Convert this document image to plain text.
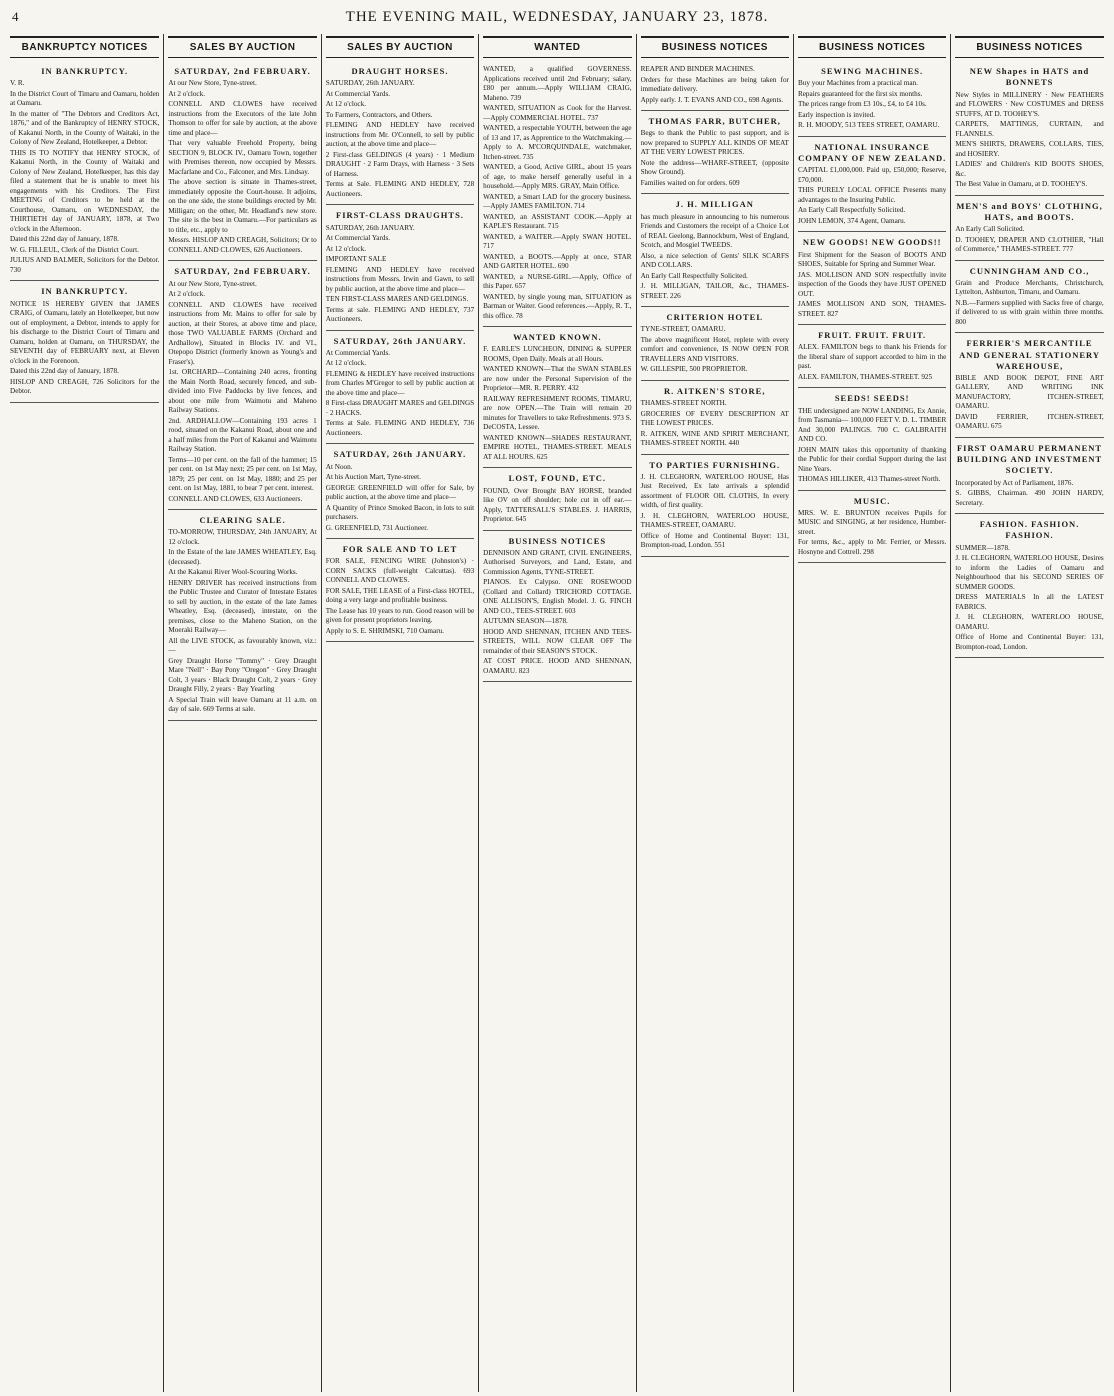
THE EVENING MAIL, WEDNESDAY, JANUARY 23, 1878.
4
BANKRUPTCY NOTICES
IN BANKRUPTCY.
V. R.
In the District Court of Timaru and Oamaru, holden at Oamaru.
In the matter of "The Debtors and Creditors Act, 1876," and of the Bankruptcy of HENRY STOCK, of Kakanui North, in the County of Waitaki, in the Colony of New Zealand, Hotelkeeper, a Debtor.
THIS IS TO NOTIFY that HENRY STOCK, of Kakanui North, in the County of Waitaki and Colony of New Zealand, Hotelkeeper, has this day filed a statement that he is unable to meet his engagements with his Creditors. The First MEETING of Creditors to be held at the Courthouse, Oamaru, on WEDNESDAY, the THIRTIETH day of JANUARY, 1878, at Two o'clock in the Afternoon.
Dated this 22nd day of January, 1878.
W. G. FILLEUL, Clerk of the District Court.
JULIUS AND BALMER, Solicitors for the Debtor. 730
IN BANKRUPTCY.
NOTICE IS HEREBY GIVEN that JAMES CRAIG, of Oamaru, lately an Hotelkeeper, but now out of employment, a Debtor, intends to apply for his discharge to the District Court of Timaru and Oamaru, holden at Oamaru, on THURSDAY, the SEVENTH day of FEBRUARY next, at Eleven o'clock in the Forenoon.
Dated this 22nd day of January, 1878.
HISLOP AND CREAGH, 726 Solicitors for the Debtor.
SALES BY AUCTION
SATURDAY, 2nd FEBRUARY.
At our New Store, Tyne-street.
At 2 o'clock.
CONNELL AND CLOWES have received instructions from the Executors of the late John Thomson to offer for sale by auction, at the above time and place—
That very valuable Freehold Property, being SECTION 9, BLOCK IV., Oamaru Town, together with Premises thereon, now occupied by Messrs. Macfarlane and Co., Falconer, and Mrs. Lindsay.
The above section is situate in Thames-street, immediately opposite the Court-house. It adjoins, on the one side, the stone buildings erected by Mr. Milligan; on the other, Mr. Headland's new store. The site is the best in Oamaru.—For particulars as to title, etc., apply to
Messrs. HISLOP AND CREAGH, Solicitors; Or to CONNELL AND CLOWES, 626 Auctioneers.
SATURDAY, 2nd FEBRUARY.
At our New Store, Tyne-street.
At 2 o'clock.
CONNELL AND CLOWES have received instructions from Mr. Mains to offer for sale by auction, at their Stores, at above time and place, those TWO VALUABLE FARMS (Orchard and Ardhallow), Situated in Blocks IV. and VI., Otepopo District (formerly known as Young's and Fraser's).
1st. ORCHARD—Containing 240 acres, fronting the Main North Road, securely fenced, and sub-divided into Five Paddocks by live fences, and about one mile from Waimotu and Maheno Railway Stations.
2nd. ARDHALLOW—Containing 193 acres 1 rood, situated on the Kakanui Road, about one and a half miles from the Port of Kakanui and Waimotu Railway Station.
Terms—10 per cent. on the fall of the hammer; 15 per cent. on 1st May next; 25 per cent. on 1st May, 1879; 25 per cent. on 1st May, 1880; and 25 per cent. on 1st May, 1881, to bear 7 per cent. interest.
CONNELL AND CLOWES, 633 Auctioneers.
CLEARING SALE.
TO-MORROW, THURSDAY, 24th JANUARY, At 12 o'clock.
In the Estate of the late JAMES WHEATLEY, Esq. (deceased).
At the Kakanui River Wool-Scouring Works.
HENRY DRIVER has received instructions from the Public Trustee and Curator of Intestate Estates to sell by auction, in the estate of the late James Wheatley, Esq. (deceased), intestate, on the premises, close to the Maheno Station, on the Moeraki Railway—
All the LIVE STOCK, as favourably known, viz.:—
Grey Draught Horse "Tommy" · Grey Draught Mare "Nell" · Bay Pony "Oregon" · Grey Draught Colt, 3 years · Black Draught Colt, 2 years · Grey Draught Filly, 2 years · Bay Yearling
A Special Train will leave Oamaru at 11 a.m. on day of sale. 669 Terms at sale.
SALES BY AUCTION
DRAUGHT HORSES.
SATURDAY, 26th JANUARY.
At Commercial Yards.
At 12 o'clock.
To Farmers, Contractors, and Others.
FLEMING AND HEDLEY have received instructions from Mr. O'Connell, to sell by public auction, at the above time and place—
2 First-class GELDINGS (4 years) · 1 Medium DRAUGHT · 2 Farm Drays, with Harness · 3 Sets of Harness.
Terms at Sale. FLEMING AND HEDLEY, 728 Auctioneers.
FIRST-CLASS DRAUGHTS.
SATURDAY, 26th JANUARY.
At Commercial Yards.
At 12 o'clock.
IMPORTANT SALE
FLEMING AND HEDLEY have received instructions from Messrs. Irwin and Gawn, to sell by public auction, at the above time and place—
TEN FIRST-CLASS MARES AND GELDINGS.
Terms at sale. FLEMING AND HEDLEY, 737 Auctioneers.
SATURDAY, 26th JANUARY.
At Commercial Yards.
At 12 o'clock.
FLEMING & HEDLEY have received instructions from Charles M'Gregor to sell by public auction at the above time and place—
8 First-class DRAUGHT MARES and GELDINGS · 2 HACKS.
Terms at Sale. FLEMING AND HEDLEY, 736 Auctioneers.
SATURDAY, 26th JANUARY.
At Noon.
At his Auction Mart, Tyne-street.
GEORGE GREENFIELD will offer for Sale, by public auction, at the above time and place—
A Quantity of Prince Smoked Bacon, in lots to suit purchasers.
G. GREENFIELD, 731 Auctioneer.
FOR SALE AND TO LET
FOR SALE, FENCING WIRE (Johnston's) · CORN SACKS (full-weight Calcuttas). 693 CONNELL AND CLOWES.
FOR SALE, THE LEASE of a First-class HOTEL, doing a very large and profitable business.
The Lease has 10 years to run. Good reason will be given for present proprietors leaving.
Apply to S. E. SHRIMSKI, 710 Oamaru.
WANTED
WANTED, a qualified GOVERNESS. Applications received until 2nd February; salary, £80 per annum.—Apply WILLIAM CRAIG, Maheno. 739
WANTED, SITUATION as Cook for the Harvest.—Apply COMMERCIAL HOTEL. 737
WANTED, a respectable YOUTH, between the age of 13 and 17, as Apprentice to the Watchmaking.—Apply to A. M'CORQUINDALE, watchmaker, Itchen-street. 735
WANTED, a Good, Active GIRL, about 15 years of age, to make herself generally useful in a household.—Apply MRS. GRAY, Main Office.
WANTED, a Smart LAD for the grocery business.—Apply JAMES FAMILTON. 714
WANTED, an ASSISTANT COOK.—Apply at KAPLE'S Restaurant. 715
WANTED, a WAITER.—Apply SWAN HOTEL. 717
WANTED, a BOOTS.—Apply at once, STAR AND GARTER HOTEL. 690
WANTED, a NURSE-GIRL.—Apply, Office of this Paper. 657
WANTED, by single young man, SITUATION as Barman or Waiter. Good references.—Apply, R. T., this office. 78
WANTED KNOWN.
F. EARLE'S LUNCHEON, DINING & SUPPER ROOMS, Open Daily. Meals at all Hours.
WANTED KNOWN—That the SWAN STABLES are now under the Personal Supervision of the Proprietor—MR. R. PERRY. 432
RAILWAY REFRESHMENT ROOMS, TIMARU, are now OPEN.—The Train will remain 20 minutes for Travellers to take Refreshments. 973 S. DeCOSTA, Lessee.
WANTED KNOWN—SHADES RESTAURANT, EMPIRE HOTEL, THAMES-STREET. MEALS AT ALL HOURS. 625
LOST, FOUND, ETC.
FOUND, Over Brought BAY HORSE, branded like OV on off shoulder; hole cut in off ear.—Apply, TATTERSALL'S STABLES. J. HARRIS, Proprietor. 645
BUSINESS NOTICES
DENNISON AND GRANT, CIVIL ENGINEERS, Authorised Surveyors, and Land, Estate, and Commission Agents, TYNE-STREET.
PIANOS. Ex Calypso. ONE ROSEWOOD (Collard and Collard) TRICHORD COTTAGE. ONE ALLISON'S, English Model. J. G. FINCH AND CO., TEES-STREET. 603
AUTUMN SEASON—1878.
HOOD AND SHENNAN, ITCHEN AND TEES-STREETS, WILL NOW CLEAR OFF The remainder of their SEASON'S STOCK.
AT COST PRICE. HOOD AND SHENNAN, OAMARU. 823
BUSINESS NOTICES
REAPER AND BINDER MACHINES.
Orders for these Machines are being taken for immediate delivery.
Apply early. J. T. EVANS AND CO., 698 Agents.
THOMAS FARR, BUTCHER,
Begs to thank the Public to past support, and is now prepared to SUPPLY ALL KINDS OF MEAT AT THE VERY LOWEST PRICES.
Note the address—WHARF-STREET, (opposite Show Ground).
Families waited on for orders. 609
J. H. MILLIGAN
has much pleasure in announcing to his numerous Friends and Customers the receipt of a Choice Lot of REAL Geelong, Bannockburn, West of England, Scotch, and Mosgiel TWEEDS.
Also, a nice selection of Gents' SILK SCARFS AND COLLARS.
An Early Call Respectfully Solicited.
J. H. MILLIGAN, TAILOR, &c., THAMES-STREET. 226
CRITERION HOTEL
TYNE-STREET, OAMARU.
The above magnificent Hotel, replete with every comfort and convenience, IS NOW OPEN FOR TRAVELLERS AND VISITORS.
W. GILLESPIE, 500 PROPRIETOR.
R. AITKEN'S STORE,
THAMES-STREET NORTH.
GROCERIES OF EVERY DESCRIPTION AT THE LOWEST PRICES.
R. AITKEN, WINE AND SPIRIT MERCHANT, THAMES-STREET NORTH. 440
TO PARTIES FURNISHING.
J. H. CLEGHORN, WATERLOO HOUSE, Has Just Received, Ex late arrivals a splendid assortment of FLOOR OIL CLOTHS, In every width, of first quality.
J. H. CLEGHORN, WATERLOO HOUSE, THAMES-STREET, OAMARU.
Office of Home and Continental Buyer: 131, Brompton-road, London. 551
BUSINESS NOTICES
SEWING MACHINES.
Buy your Machines from a practical man.
Repairs guaranteed for the first six months.
The prices range from £3 10s., £4, to £4 10s.
Early inspection is invited.
R. H. MOODY, 513 TEES STREET, OAMARU.
NATIONAL INSURANCE COMPANY OF NEW ZEALAND.
CAPITAL £1,000,000. Paid up, £50,000; Reserve, £70,000.
THIS PURELY LOCAL OFFICE Presents many advantages to the Insuring Public.
An Early Call Respectfully Solicited.
JOHN LEMON, 374 Agent, Oamaru.
NEW GOODS! NEW GOODS!!
First Shipment for the Season of BOOTS AND SHOES, Suitable for Spring and Summer Wear.
JAS. MOLLISON AND SON respectfully invite inspection of the Goods they have JUST OPENED OUT.
JAMES MOLLISON AND SON, THAMES-STREET. 827
FRUIT. FRUIT. FRUIT.
ALEX. FAMILTON begs to thank his Friends for the liberal share of support accorded to him in the past.
ALEX. FAMILTON, THAMES-STREET. 925
SEEDS! SEEDS!
THE undersigned are NOW LANDING, Ex Annie, from Tasmania— 100,000 FEET V. D. L. TIMBER And 30,000 PALINGS. 700 C. GALBRAITH AND CO.
JOHN MAIN takes this opportunity of thanking the Public for their cordial Support during the last Nine Years.
THOMAS HILLIKER, 413 Thames-street North.
MUSIC.
MRS. W. E. BRUNTON receives Pupils for MUSIC and SINGING, at her residence, Humber-street.
For terms, &c., apply to Mr. Ferrier, or Messrs. Hosnyne and Cottrell. 298
BUSINESS NOTICES
NEW Shapes in HATS and BONNETS
New Styles in MILLINERY · New FEATHERS and FLOWERS · New COSTUMES and DRESS STUFFS, AT D. TOOHEY'S.
CARPETS, MATTINGS, CURTAIN, and FLANNELS.
MEN'S SHIRTS, DRAWERS, COLLARS, TIES, and HOSIERY.
LADIES' and Children's KID BOOTS SHOES, &c.
The Best Value in Oamaru, at D. TOOHEY'S.
MEN'S and BOYS' CLOTHING, HATS, and BOOTS.
An Early Call Solicited.
D. TOOHEY, DRAPER AND CLOTHIER, "Hall of Commerce," THAMES-STREET. 777
CUNNINGHAM AND CO.,
Grain and Produce Merchants, Christchurch, Lyttelton, Ashburton, Timaru, and Oamaru.
N.B.—Farmers supplied with Sacks free of charge, if delivered to us with grain within three months. 800
FERRIER'S MERCANTILE AND GENERAL STATIONERY WAREHOUSE,
BIBLE AND BOOK DEPOT, FINE ART GALLERY, AND WRITING INK MANUFACTORY, ITCHEN-STREET, OAMARU.
DAVID FERRIER, ITCHEN-STREET, OAMARU. 675
FIRST OAMARU PERMANENT BUILDING AND INVESTMENT SOCIETY.
Incorporated by Act of Parliament, 1876.
S. GIBBS, Chairman. 490 JOHN HARDY, Secretary.
FASHION. FASHION. FASHION.
SUMMER—1878.
J. H. CLEGHORN, WATERLOO HOUSE, Desires to inform the Ladies of Oamaru and Neighbourhood that his SECOND SERIES OF SUMMER GOODS.
DRESS MATERIALS In all the LATEST FABRICS.
J. H. CLEGHORN, WATERLOO HOUSE, OAMARU.
Office of Home and Continental Buyer: 131, Brompton-road, London.
